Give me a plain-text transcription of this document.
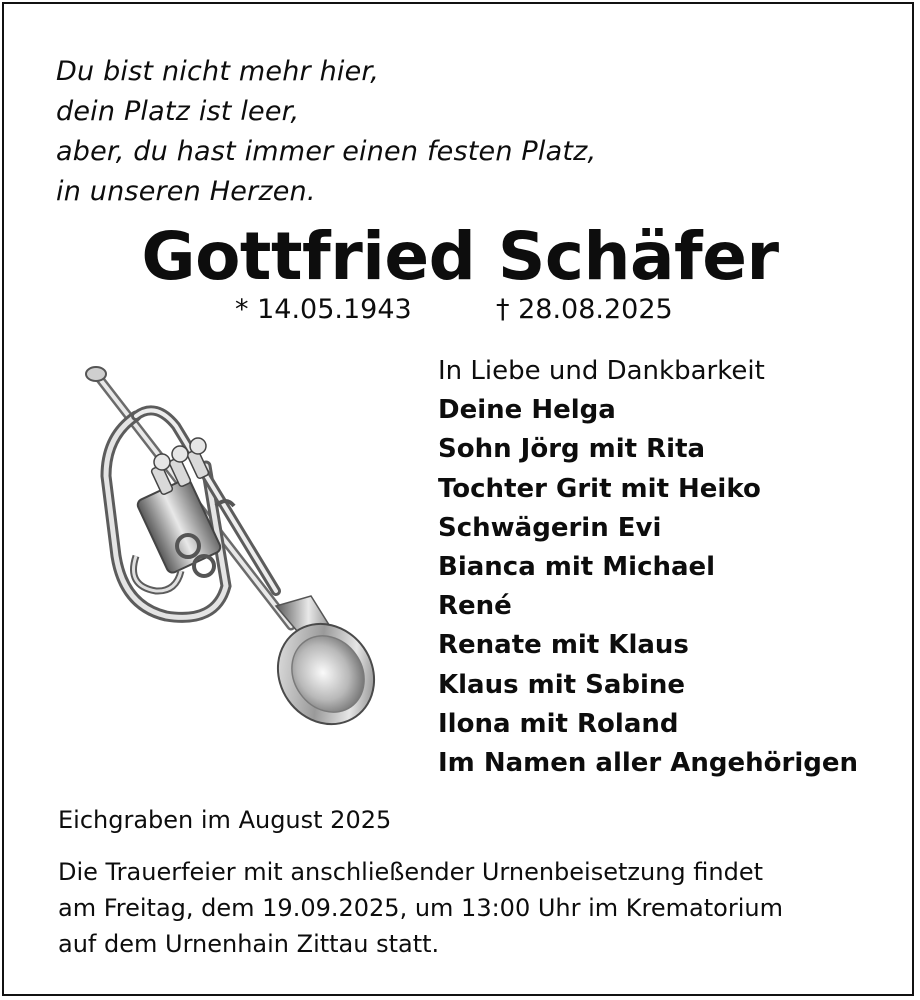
Du bist nicht mehr hier,
dein Platz ist leer,
aber, du hast immer einen festen Platz,
in unseren Herzen.
Gottfried Schäfer
* 14.05.1943	† 28.08.2025
In Liebe und Dankbarkeit
Deine Helga
Sohn Jörg mit Rita
Tochter Grit mit Heiko
Schwägerin Evi
Bianca mit Michael
René
Renate mit Klaus
Klaus mit Sabine
Ilona mit Roland
Im Namen aller Angehörigen
Eichgraben im August 2025
Die Trauerfeier mit anschließender Urnenbeisetzung findet
am Freitag, dem 19.09.2025, um 13:00 Uhr im Krematorium
auf dem Urnenhain Zittau statt.
